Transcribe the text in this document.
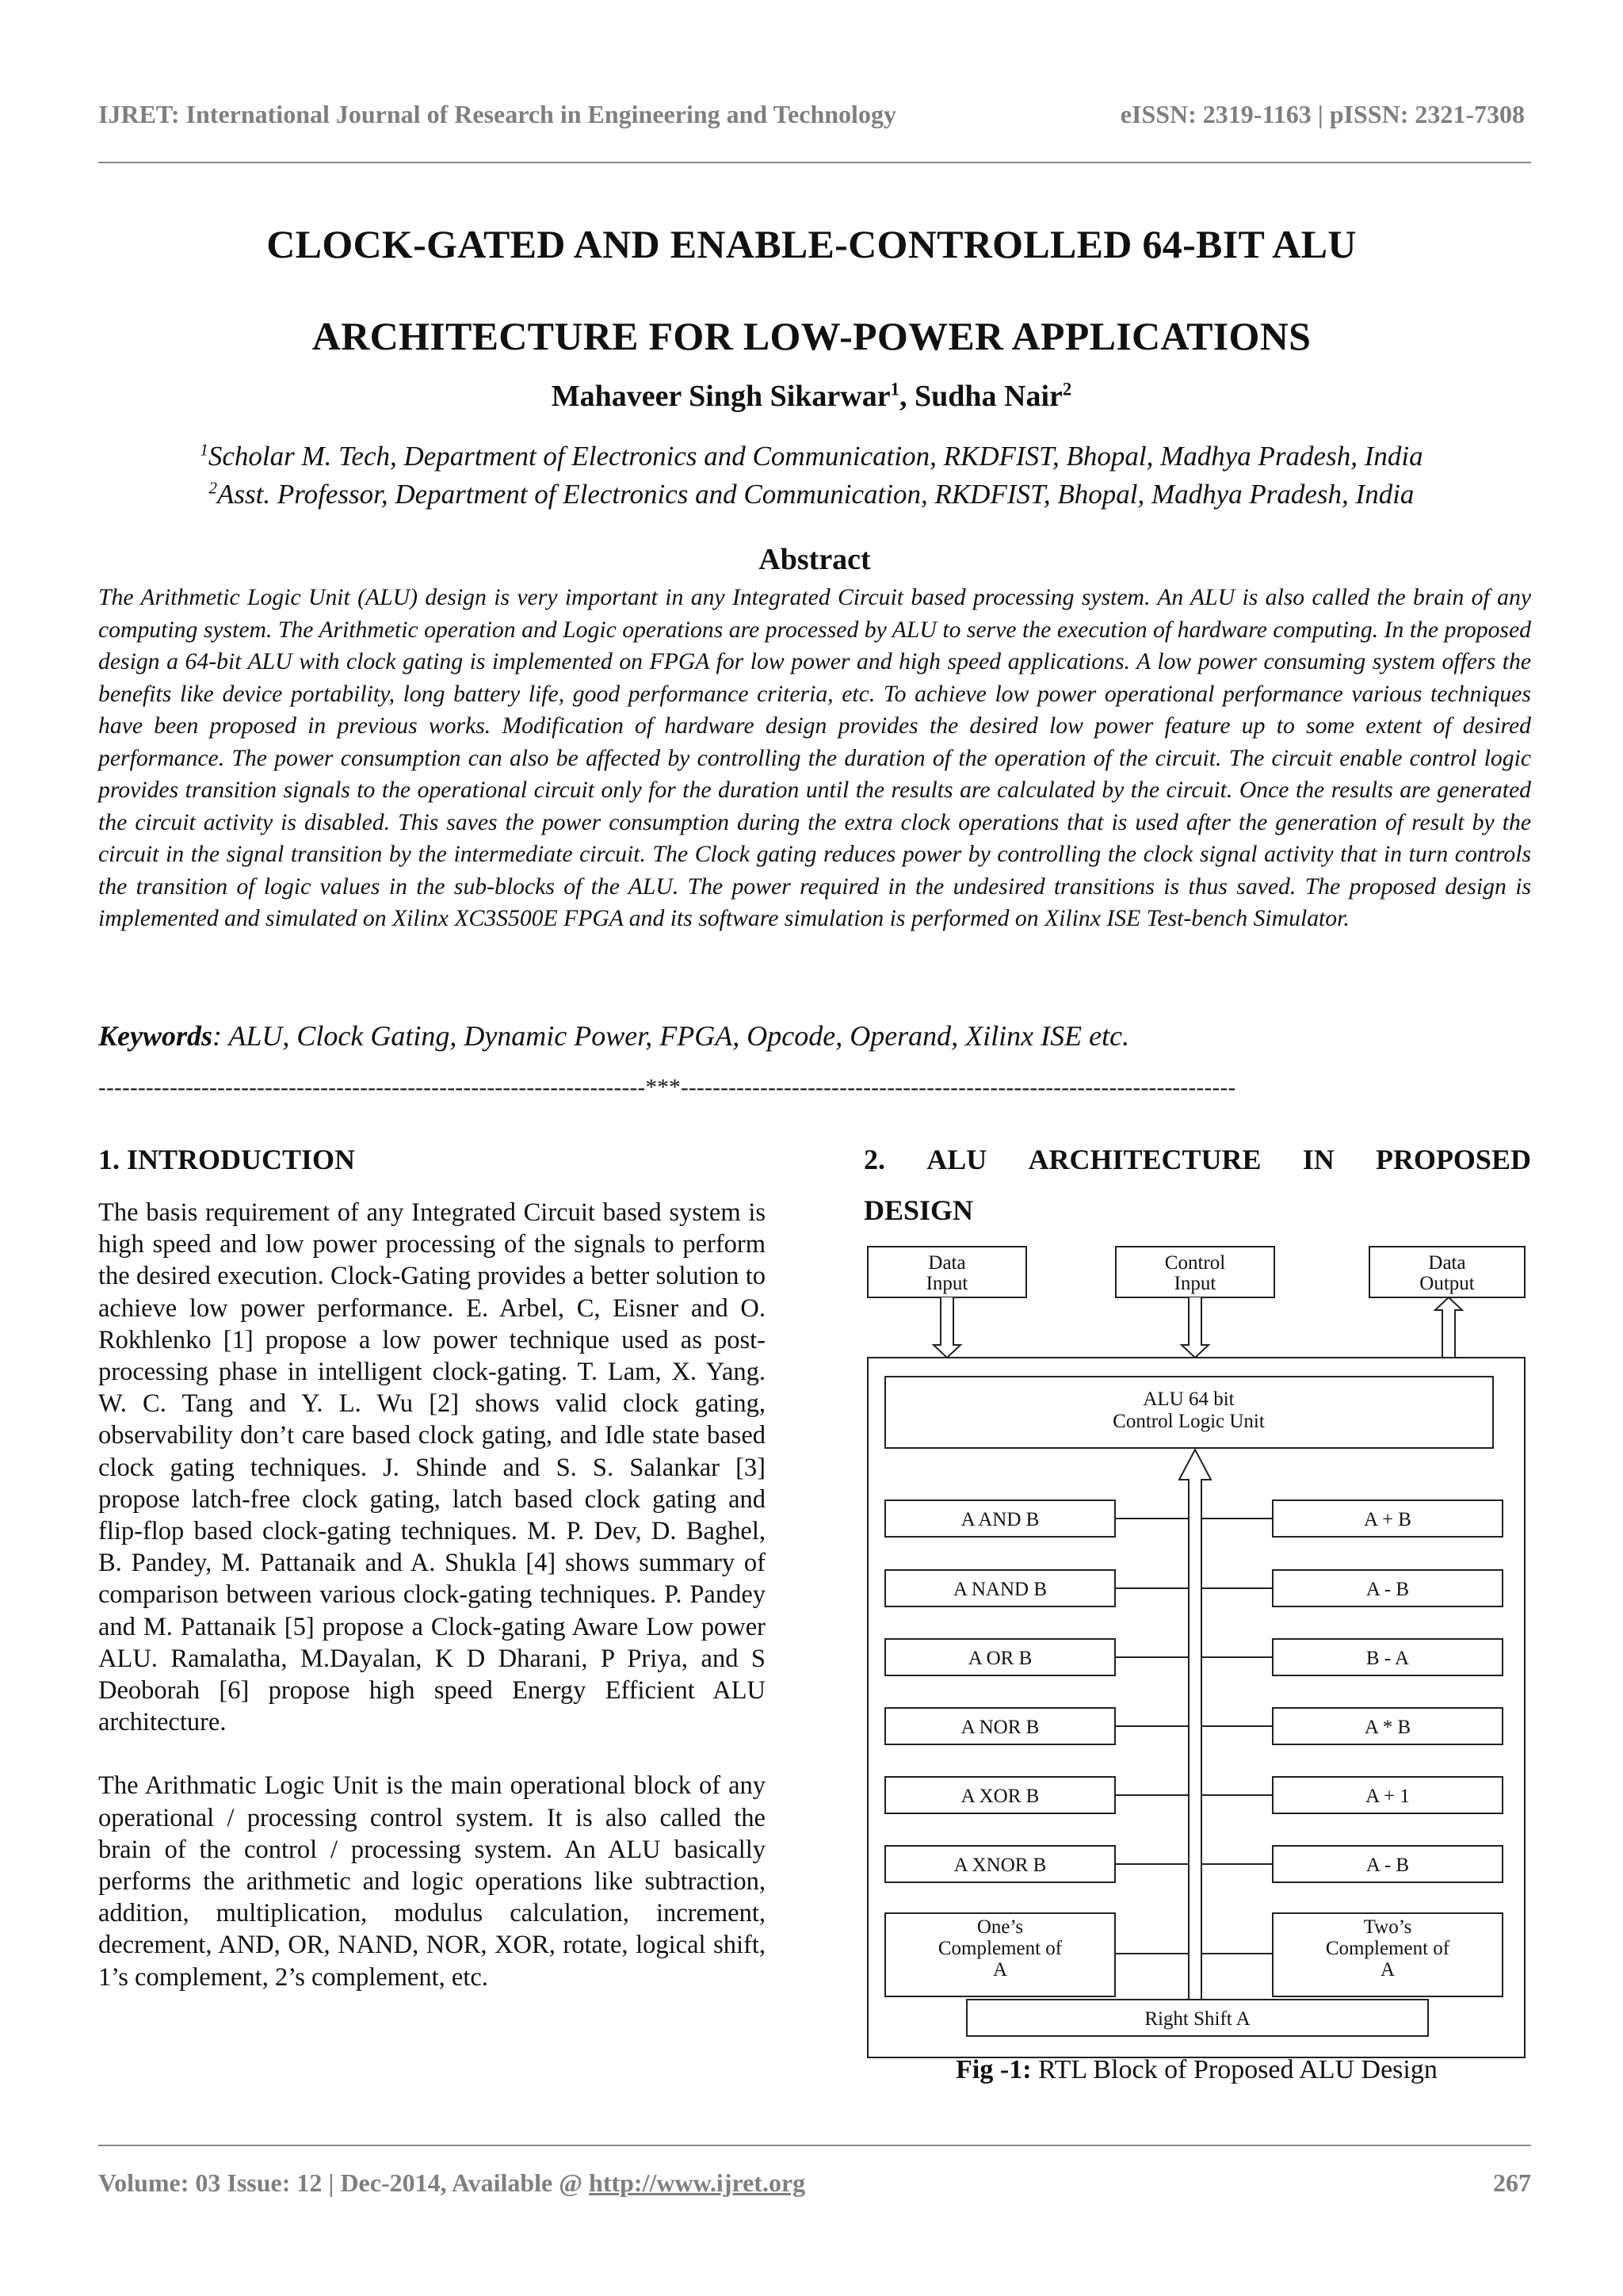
IJRET: International Journal of Research in Engineering and Technology	eISSN: 2319-1163 | pISSN: 2321-7308
CLOCK-GATED AND ENABLE-CONTROLLED 64-BIT ALU
ARCHITECTURE FOR LOW-POWER APPLICATIONS
Mahaveer Singh Sikarwar$^1$, Sudha Nair$^2$
$^1$Scholar M. Tech, Department of Electronics and Communication, RKDFIST, Bhopal, Madhya Pradesh, India
$^2$Asst. Professor, Department of Electronics and Communication, RKDFIST, Bhopal, Madhya Pradesh, India
Abstract
The Arithmetic Logic Unit (ALU) design is very important in any Integrated Circuit based processing system. An ALU is also called the brain of any computing system. The Arithmetic operation and Logic operations are processed by ALU to serve the execution of hardware computing. In the proposed design a 64-bit ALU with clock gating is implemented on FPGA for low power and high speed applications. A low power consuming system offers the benefits like device portability, long battery life, good performance criteria, etc. To achieve low power operational performance various techniques have been proposed in previous works. Modification of hardware design provides the desired low power feature up to some extent of desired performance. The power consumption can also be affected by controlling the duration of the operation of the circuit. The circuit enable control logic provides transition signals to the operational circuit only for the duration until the results are calculated by the circuit. Once the results are generated the circuit activity is disabled. This saves the power consumption during the extra clock operations that is used after the generation of result by the circuit in the signal transition by the intermediate circuit. The Clock gating reduces power by controlling the clock signal activity that in turn controls the transition of logic values in the sub-blocks of the ALU. The power required in the undesired transitions is thus saved. The proposed design is implemented and simulated on Xilinx XC3S500E FPGA and its software simulation is performed on Xilinx ISE Test-bench Simulator.
Keywords: ALU, Clock Gating, Dynamic Power, FPGA, Opcode, Operand, Xilinx ISE etc.
---------------------------------------------------------------------***----------------------------------------------------------------------
1. INTRODUCTION

The basis requirement of any Integrated Circuit based system is high speed and low power processing of the signals to perform the desired execution. Clock-Gating provides a better solution to achieve low power performance. E. Arbel, C, Eisner and O. Rokhlenko [1] propose a low power technique used as post-processing phase in intelligent clock-gating. T. Lam, X. Yang. W. C. Tang and Y. L. Wu [2] shows valid clock gating, observability don’t care based clock gating, and Idle state based clock gating techniques. J. Shinde and S. S. Salankar [3] propose latch-free clock gating, latch based clock gating and flip-flop based clock-gating techniques. M. P. Dev, D. Baghel, B. Pandey, M. Pattanaik and A. Shukla [4] shows summary of comparison between various clock-gating techniques. P. Pandey and M. Pattanaik [5] propose a Clock-gating Aware Low power ALU. Ramalatha, M.Dayalan, K D Dharani, P Priya, and S Deoborah [6] propose high speed Energy Efficient ALU architecture.

The Arithmatic Logic Unit is the main operational block of any operational / processing control system. It is also called the brain of the control / processing system. An ALU basically performs the arithmetic and logic operations like subtraction, addition, multiplication, modulus calculation, increment, decrement, AND, OR, NAND, NOR, XOR, rotate, logical shift, 1’s complement, 2’s complement, etc.

2. ALU ARCHITECTURE IN PROPOSED
DESIGN
Data
Input
Control
Input
Data
Output
ALU 64 bit
Control Logic Unit
A AND B
A NAND B
A OR B
A NOR B
A XOR B
A XNOR B
A + B
A - B
B - A
A * B
A + 1
A - B
One’s
Complement of
A
Two’s
Complement of
A
Right Shift A
Fig -1: RTL Block of Proposed ALU Design
Volume: 03 Issue: 12 | Dec-2014, Available @ http://www.ijret.org	267
